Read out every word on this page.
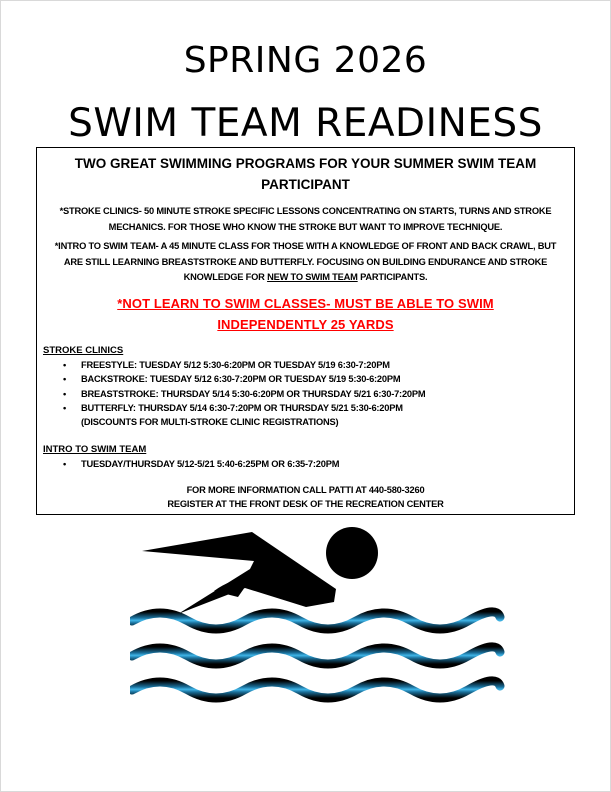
SPRING 2026
SWIM TEAM READINESS
TWO GREAT SWIMMING PROGRAMS FOR YOUR SUMMER SWIM TEAM
PARTICIPANT
*STROKE CLINICS- 50 MINUTE STROKE SPECIFIC LESSONS CONCENTRATING ON STARTS, TURNS AND STROKE
MECHANICS. FOR THOSE WHO KNOW THE STROKE BUT WANT TO IMPROVE TECHNIQUE.
*INTRO TO SWIM TEAM- A 45 MINUTE CLASS FOR THOSE WITH A KNOWLEDGE OF FRONT AND BACK CRAWL, BUT
ARE STILL LEARNING BREASTSTROKE AND BUTTERFLY. FOCUSING ON BUILDING ENDURANCE AND STROKE
KNOWLEDGE FOR NEW TO SWIM TEAM PARTICIPANTS.
*NOT LEARN TO SWIM CLASSES- MUST BE ABLE TO SWIM
INDEPENDENTLY 25 YARDS
STROKE CLINICS
• FREESTYLE: TUESDAY 5/12 5:30-6:20PM OR TUESDAY 5/19 6:30-7:20PM
• BACKSTROKE: TUESDAY 5/12 6:30-7:20PM OR TUESDAY 5/19 5:30-6:20PM
• BREASTSTROKE: THURSDAY 5/14 5:30-6:20PM OR THURSDAY 5/21 6:30-7:20PM
• BUTTERFLY: THURSDAY 5/14 6:30-7:20PM OR THURSDAY 5/21 5:30-6:20PM
(DISCOUNTS FOR MULTI-STROKE CLINIC REGISTRATIONS)
INTRO TO SWIM TEAM
• TUESDAY/THURSDAY 5/12-5/21 5:40-6:25PM OR 6:35-7:20PM
FOR MORE INFORMATION CALL PATTI AT 440-580-3260
REGISTER AT THE FRONT DESK OF THE RECREATION CENTER
